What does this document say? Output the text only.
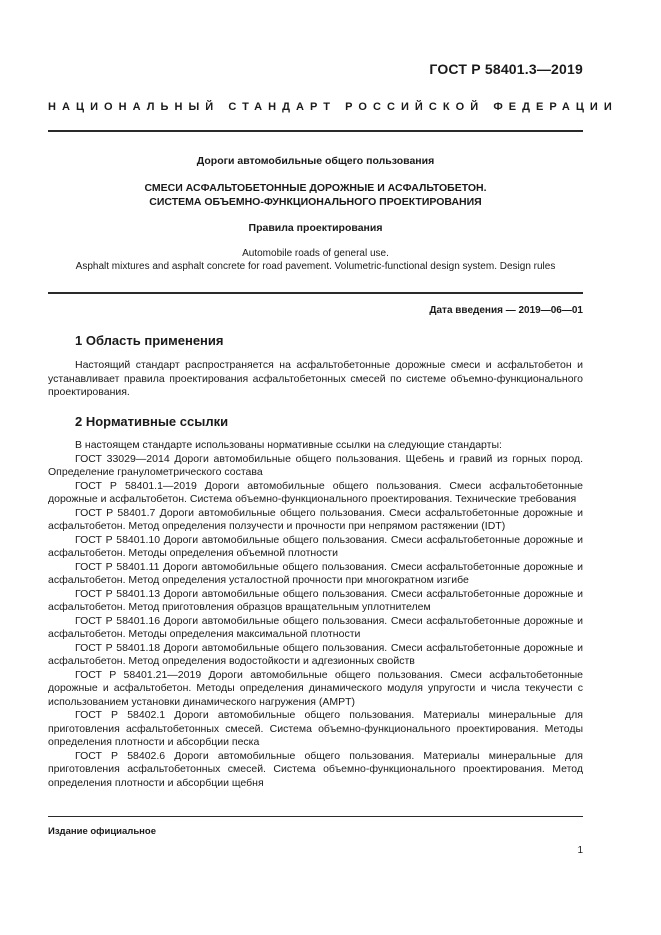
ГОСТ Р 58401.3—2019
НАЦИОНАЛЬНЫЙ СТАНДАРТ РОССИЙСКОЙ ФЕДЕРАЦИИ
Дороги автомобильные общего пользования
СМЕСИ АСФАЛЬТОБЕТОННЫЕ ДОРОЖНЫЕ И АСФАЛЬТОБЕТОН.
СИСТЕМА ОБЪЕМНО-ФУНКЦИОНАЛЬНОГО ПРОЕКТИРОВАНИЯ
Правила проектирования
Automobile roads of general use.
Asphalt mixtures and asphalt concrete for road pavement. Volumetric-functional design system. Design rules
Дата введения — 2019—06—01
1 Область применения

Настоящий стандарт распространяется на асфальтобетонные дорожные смеси и асфальтобетон и устанавливает правила проектирования асфальтобетонных смесей по системе объемно-функционального проектирования.

2 Нормативные ссылки

В настоящем стандарте использованы нормативные ссылки на следующие стандарты:

ГОСТ 33029—2014 Дороги автомобильные общего пользования. Щебень и гравий из горных пород. Определение гранулометрического состава

ГОСТ Р 58401.1—2019 Дороги автомобильные общего пользования. Смеси асфальтобетонные дорожные и асфальтобетон. Система объемно-функционального проектирования. Технические требования

ГОСТ Р 58401.7 Дороги автомобильные общего пользования. Смеси асфальтобетонные дорожные и асфальтобетон. Метод определения ползучести и прочности при непрямом растяжении (IDT)

ГОСТ Р 58401.10 Дороги автомобильные общего пользования. Смеси асфальтобетонные дорожные и асфальтобетон. Методы определения объемной плотности

ГОСТ Р 58401.11 Дороги автомобильные общего пользования. Смеси асфальтобетонные дорожные и асфальтобетон. Метод определения усталостной прочности при многократном изгибе

ГОСТ Р 58401.13 Дороги автомобильные общего пользования. Смеси асфальтобетонные дорожные и асфальтобетон. Метод приготовления образцов вращательным уплотнителем

ГОСТ Р 58401.16 Дороги автомобильные общего пользования. Смеси асфальтобетонные дорожные и асфальтобетон. Методы определения максимальной плотности

ГОСТ Р 58401.18 Дороги автомобильные общего пользования. Смеси асфальтобетонные дорожные и асфальтобетон. Метод определения водостойкости и адгезионных свойств

ГОСТ Р 58401.21—2019 Дороги автомобильные общего пользования. Смеси асфальтобетонные дорожные и асфальтобетон. Методы определения динамического модуля упругости и числа текучести с использованием установки динамического нагружения (AMPT)

ГОСТ Р 58402.1 Дороги автомобильные общего пользования. Материалы минеральные для приготовления асфальтобетонных смесей. Система объемно-функционального проектирования. Методы определения плотности и абсорбции песка

ГОСТ Р 58402.6 Дороги автомобильные общего пользования. Материалы минеральные для приготовления асфальтобетонных смесей. Система объемно-функционального проектирования. Метод определения плотности и абсорбции щебня

Издание официальное
1
